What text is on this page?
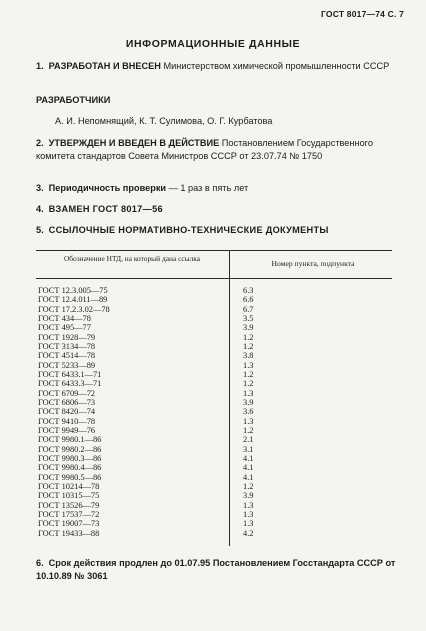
ГОСТ 8017—74 С. 7
ИНФОРМАЦИОННЫЕ ДАННЫЕ
1. РАЗРАБОТАН И ВНЕСЕН Министерством химической промышленности СССР
РАЗРАБОТЧИКИ
А. И. Непомнящий, К. Т. Сулимова, О. Г. Курбатова
2. УТВЕРЖДЕН И ВВЕДЕН В ДЕЙСТВИЕ Постановлением Государственного комитета стандартов Совета Министров СССР от 23.07.74 № 1750
3. Периодичность проверки — 1 раз в пять лет
4. ВЗАМЕН ГОСТ 8017—56
5. ССЫЛОЧНЫЕ НОРМАТИВНО-ТЕХНИЧЕСКИЕ ДОКУМЕНТЫ
Обозначение НТД, на который дана ссылка
Номер пункта, подпункта
ГОСТ 12.3.005—75	6.3
ГОСТ 12.4.011—89	6.6
ГОСТ 17.2.3.02—78	6.7
ГОСТ 434—78	3.5
ГОСТ 495—77	3.9
ГОСТ 1928—79	1.2
ГОСТ 3134—78	1.2
ГОСТ 4514—78	3.8
ГОСТ 5233—89	1.3
ГОСТ 6433.1—71	1.2
ГОСТ 6433.3—71	1.2
ГОСТ 6709—72	1.3
ГОСТ 6806—73	3.9
ГОСТ 8420—74	3.6
ГОСТ 9410—78	1.3
ГОСТ 9949—76	1.2
ГОСТ 9980.1—86	2.1
ГОСТ 9980.2—86	3.1
ГОСТ 9980.3—86	4.1
ГОСТ 9980.4—86	4.1
ГОСТ 9980.5—86	4.1
ГОСТ 10214—78	1.2
ГОСТ 10315—75	3.9
ГОСТ 13526—79	1.3
ГОСТ 17537—72	1.3
ГОСТ 19007—73	1.3
ГОСТ 19433—88	4.2
6. Срок действия продлен до 01.07.95 Постановлением Госстандарта СССР от 10.10.89 № 3061
